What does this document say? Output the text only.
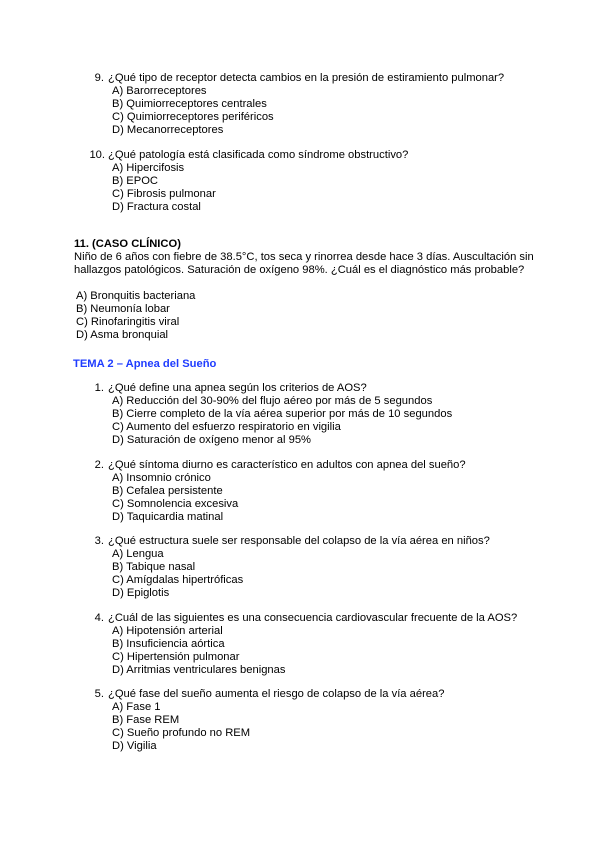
9. ¿Qué tipo de receptor detecta cambios en la presión de estiramiento pulmonar?
A) Barorreceptores
B) Quimiorreceptores centrales
C) Quimiorreceptores periféricos
D) Mecanorreceptores
10. ¿Qué patología está clasificada como síndrome obstructivo?
A) Hipercifosis
B) EPOC
C) Fibrosis pulmonar
D) Fractura costal
11. (CASO CLÍNICO)
Niño de 6 años con fiebre de 38.5°C, tos seca y rinorrea desde hace 3 días. Auscultación sin hallazgos patológicos. Saturación de oxígeno 98%. ¿Cuál es el diagnóstico más probable?
A) Bronquitis bacteriana
B) Neumonía lobar
C) Rinofaringitis viral
D) Asma bronquial
TEMA 2 – Apnea del Sueño
1. ¿Qué define una apnea según los criterios de AOS?
A) Reducción del 30-90% del flujo aéreo por más de 5 segundos
B) Cierre completo de la vía aérea superior por más de 10 segundos
C) Aumento del esfuerzo respiratorio en vigilia
D) Saturación de oxígeno menor al 95%
2. ¿Qué síntoma diurno es característico en adultos con apnea del sueño?
A) Insomnio crónico
B) Cefalea persistente
C) Somnolencia excesiva
D) Taquicardia matinal
3. ¿Qué estructura suele ser responsable del colapso de la vía aérea en niños?
A) Lengua
B) Tabique nasal
C) Amígdalas hipertróficas
D) Epiglotis
4. ¿Cuál de las siguientes es una consecuencia cardiovascular frecuente de la AOS?
A) Hipotensión arterial
B) Insuficiencia aórtica
C) Hipertensión pulmonar
D) Arritmias ventriculares benignas
5. ¿Qué fase del sueño aumenta el riesgo de colapso de la vía aérea?
A) Fase 1
B) Fase REM
C) Sueño profundo no REM
D) Vigilia
